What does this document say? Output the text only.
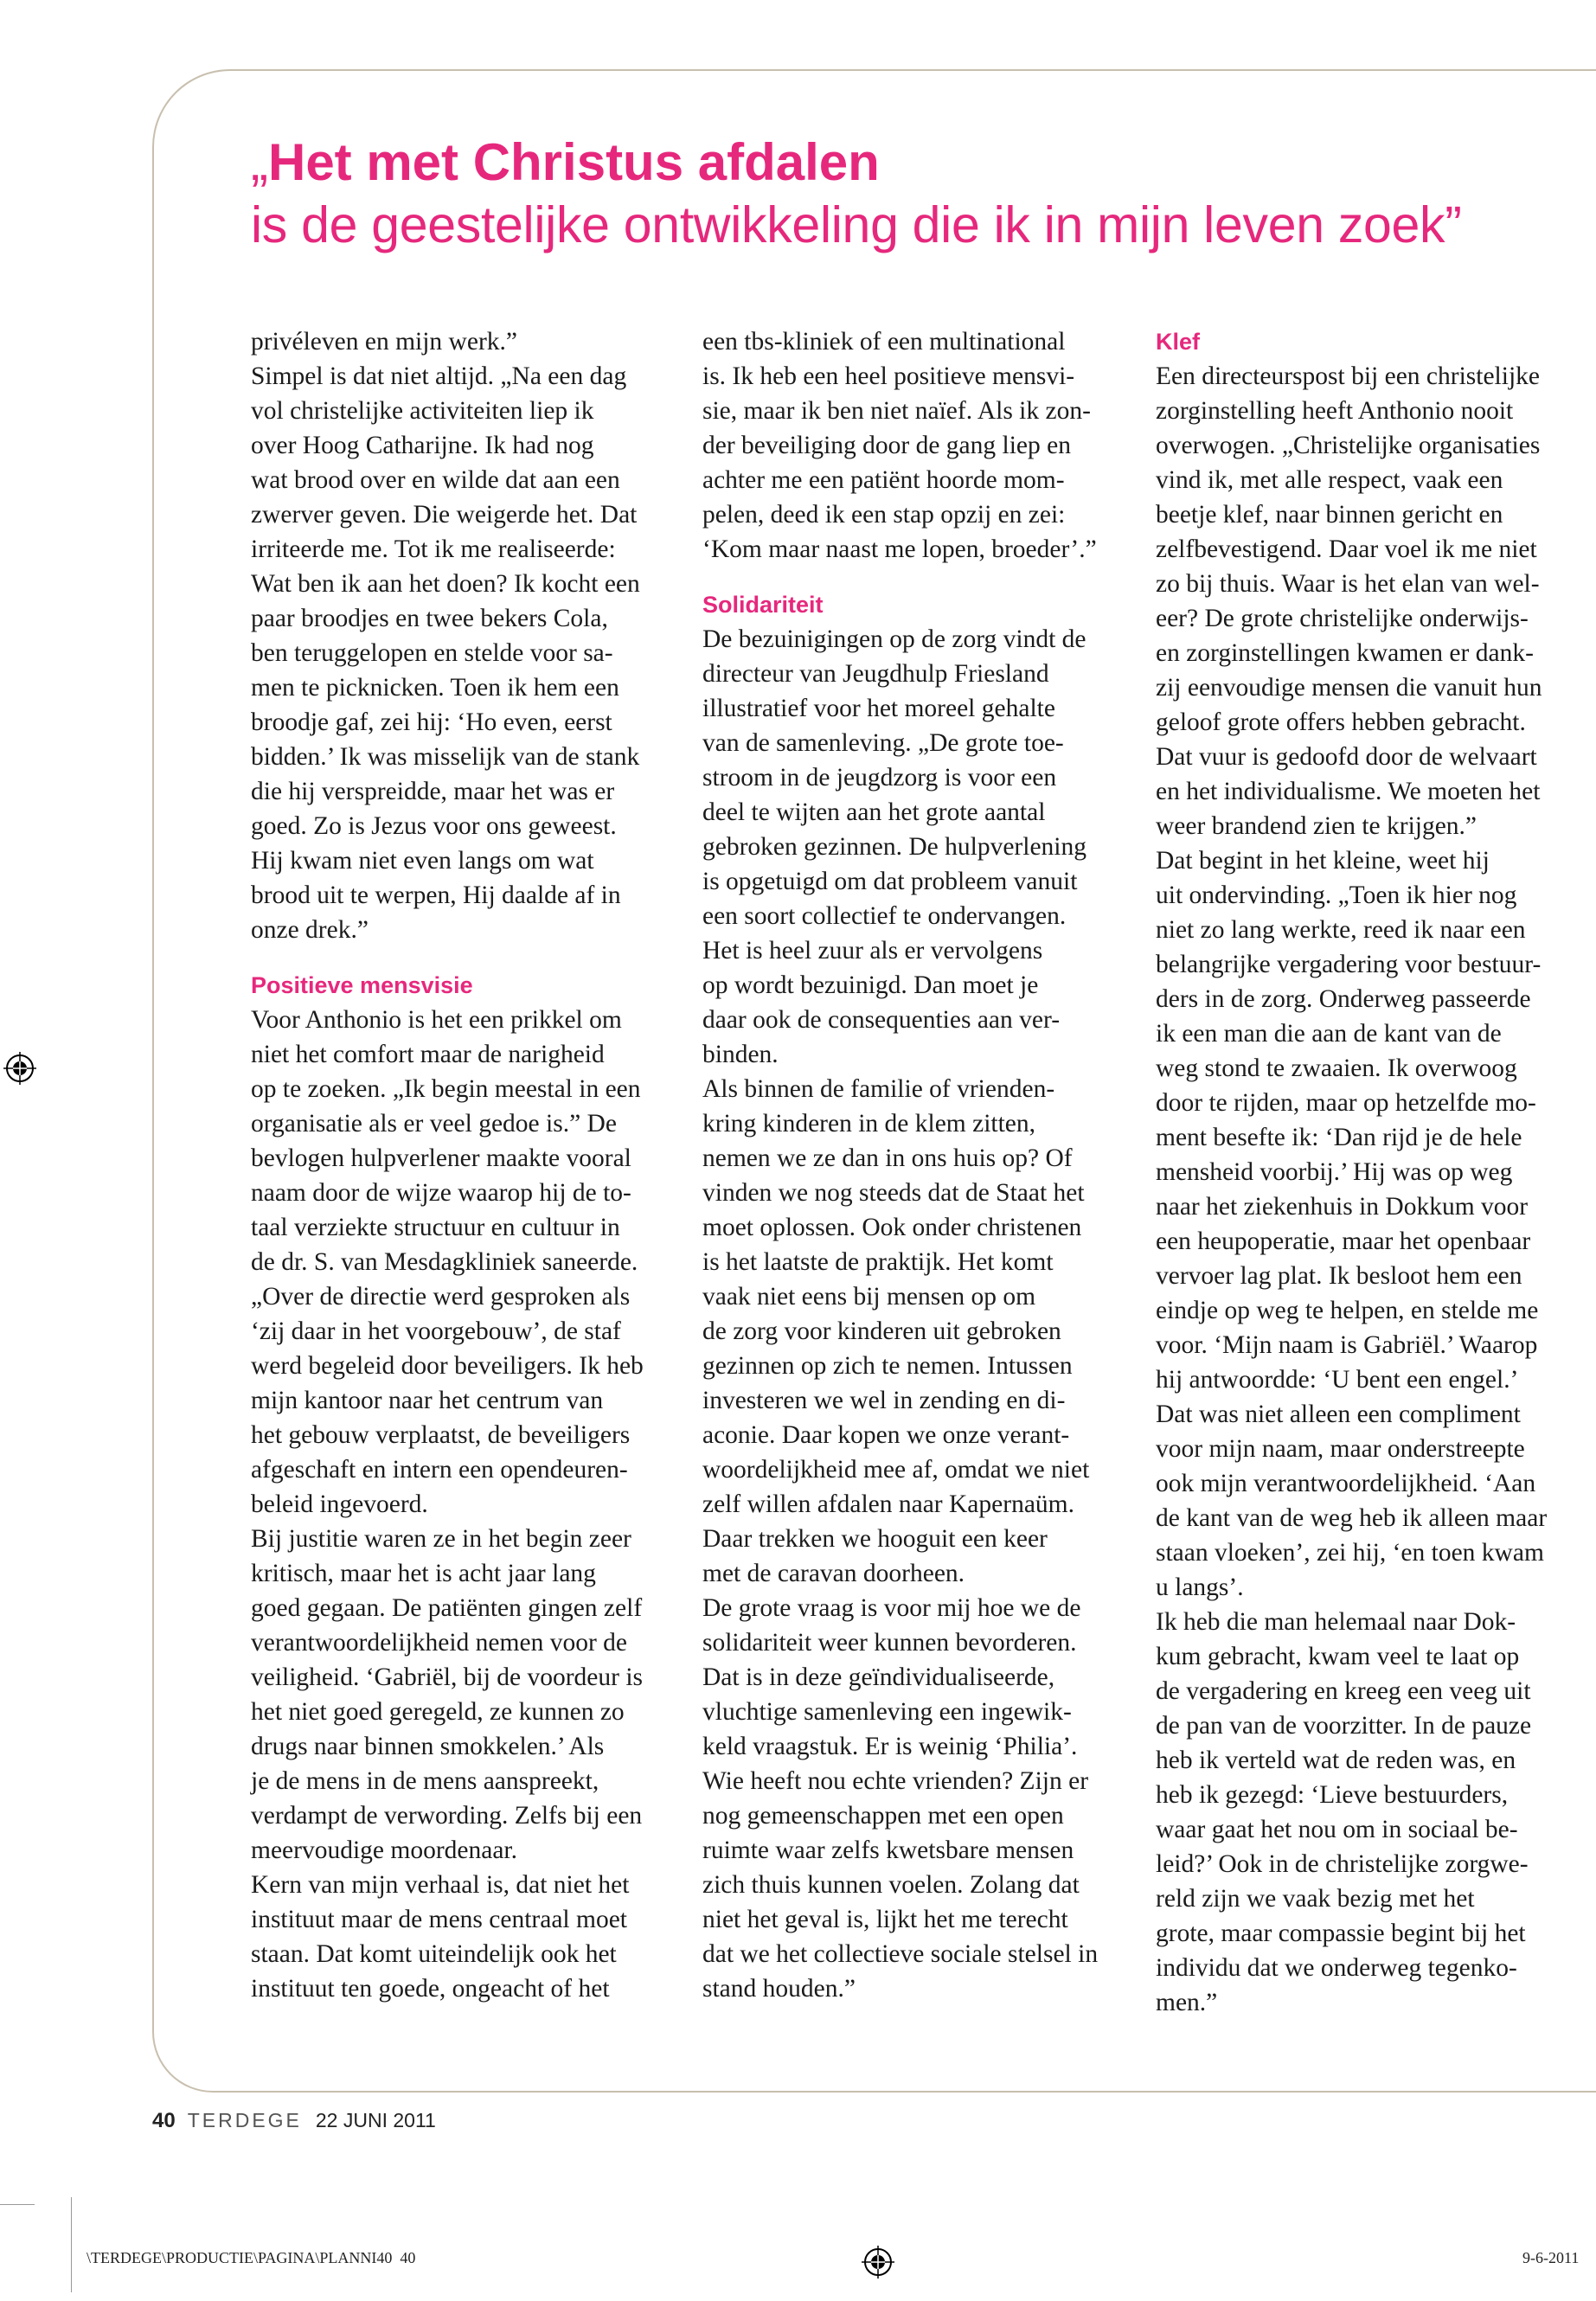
„Het met Christus afdalen
is de geestelijke ontwikkeling die ik in mijn leven zoek”
privéleven en mijn werk.”
Simpel is dat niet altijd. „Na een dag
vol christelijke activiteiten liep ik
over Hoog Catharijne. Ik had nog
wat brood over en wilde dat aan een
zwerver geven. Die weigerde het. Dat
irriteerde me. Tot ik me realiseerde:
Wat ben ik aan het doen? Ik kocht een
paar broodjes en twee bekers Cola,
ben teruggelopen en stelde voor sa-
men te picknicken. Toen ik hem een
broodje gaf, zei hij: ‘Ho even, eerst
bidden.’ Ik was misselijk van de stank
die hij verspreidde, maar het was er
goed. Zo is Jezus voor ons geweest.
Hij kwam niet even langs om wat
brood uit te werpen, Hij daalde af in
onze drek.”
Positieve mensvisie
Voor Anthonio is het een prikkel om
niet het comfort maar de narigheid
op te zoeken. „Ik begin meestal in een
organisatie als er veel gedoe is.” De
bevlogen hulpverlener maakte vooral
naam door de wijze waarop hij de to-
taal verziekte structuur en cultuur in
de dr. S. van Mesdagkliniek saneerde.
„Over de directie werd gesproken als
‘zij daar in het voorgebouw’, de staf
werd begeleid door beveiligers. Ik heb
mijn kantoor naar het centrum van
het gebouw verplaatst, de beveiligers
afgeschaft en intern een opendeuren-
beleid ingevoerd.
Bij justitie waren ze in het begin zeer
kritisch, maar het is acht jaar lang
goed gegaan. De patiënten gingen zelf
verantwoordelijkheid nemen voor de
veiligheid. ‘Gabriël, bij de voordeur is
het niet goed geregeld, ze kunnen zo
drugs naar binnen smokkelen.’ Als
je de mens in de mens aanspreekt,
verdampt de verwording. Zelfs bij een
meervoudige moordenaar.
Kern van mijn verhaal is, dat niet het
instituut maar de mens centraal moet
staan. Dat komt uiteindelijk ook het
instituut ten goede, ongeacht of het
een tbs-kliniek of een multinational
is. Ik heb een heel positieve mensvi-
sie, maar ik ben niet naïef. Als ik zon-
der beveiliging door de gang liep en
achter me een patiënt hoorde mom-
pelen, deed ik een stap opzij en zei:
‘Kom maar naast me lopen, broeder’.”
Solidariteit
De bezuinigingen op de zorg vindt de
directeur van Jeugdhulp Friesland
illustratief voor het moreel gehalte
van de samenleving. „De grote toe-
stroom in de jeugdzorg is voor een
deel te wijten aan het grote aantal
gebroken gezinnen. De hulpverlening
is opgetuigd om dat probleem vanuit
een soort collectief te ondervangen.
Het is heel zuur als er vervolgens
op wordt bezuinigd. Dan moet je
daar ook de consequenties aan ver-
binden.
Als binnen de familie of vrienden-
kring kinderen in de klem zitten,
nemen we ze dan in ons huis op? Of
vinden we nog steeds dat de Staat het
moet oplossen. Ook onder christenen
is het laatste de praktijk. Het komt
vaak niet eens bij mensen op om
de zorg voor kinderen uit gebroken
gezinnen op zich te nemen. Intussen
investeren we wel in zending en di-
aconie. Daar kopen we onze verant-
woordelijkheid mee af, omdat we niet
zelf willen afdalen naar Kapernaüm.
Daar trekken we hooguit een keer
met de caravan doorheen.
De grote vraag is voor mij hoe we de
solidariteit weer kunnen bevorderen.
Dat is in deze geïndividualiseerde,
vluchtige samenleving een ingewik-
keld vraagstuk. Er is weinig ‘Philia’.
Wie heeft nou echte vrienden? Zijn er
nog gemeenschappen met een open
ruimte waar zelfs kwetsbare mensen
zich thuis kunnen voelen. Zolang dat
niet het geval is, lijkt het me terecht
dat we het collectieve sociale stelsel in
stand houden.”
Klef
Een directeurspost bij een christelijke
zorginstelling heeft Anthonio nooit
overwogen. „Christelijke organisaties
vind ik, met alle respect, vaak een
beetje klef, naar binnen gericht en
zelfbevestigend. Daar voel ik me niet
zo bij thuis. Waar is het elan van wel-
eer? De grote christelijke onderwijs-
en zorginstellingen kwamen er dank-
zij eenvoudige mensen die vanuit hun
geloof grote offers hebben gebracht.
Dat vuur is gedoofd door de welvaart
en het individualisme. We moeten het
weer brandend zien te krijgen.”
Dat begint in het kleine, weet hij
uit ondervinding. „Toen ik hier nog
niet zo lang werkte, reed ik naar een
belangrijke vergadering voor bestuur-
ders in de zorg. Onderweg passeerde
ik een man die aan de kant van de
weg stond te zwaaien. Ik overwoog
door te rijden, maar op hetzelfde mo-
ment besefte ik: ‘Dan rijd je de hele
mensheid voorbij.’ Hij was op weg
naar het ziekenhuis in Dokkum voor
een heupoperatie, maar het openbaar
vervoer lag plat. Ik besloot hem een
eindje op weg te helpen, en stelde me
voor. ‘Mijn naam is Gabriël.’ Waarop
hij antwoordde: ‘U bent een engel.’
Dat was niet alleen een compliment
voor mijn naam, maar onderstreepte
ook mijn verantwoordelijkheid. ‘Aan
de kant van de weg heb ik alleen maar
staan vloeken’, zei hij, ‘en toen kwam
u langs’.
Ik heb die man helemaal naar Dok-
kum gebracht, kwam veel te laat op
de vergadering en kreeg een veeg uit
de pan van de voorzitter. In de pauze
heb ik verteld wat de reden was, en
heb ik gezegd: ‘Lieve bestuurders,
waar gaat het nou om in sociaal be-
leid?’ Ook in de christelijke zorgwe-
reld zijn we vaak bezig met het
grote, maar compassie begint bij het
individu dat we onderweg tegenko-
men.”
40 TERDEGE 22 JUNI 2011
\TERDEGE\PRODUCTIE\PAGINA\PLANNI40 40	9-6-2011
